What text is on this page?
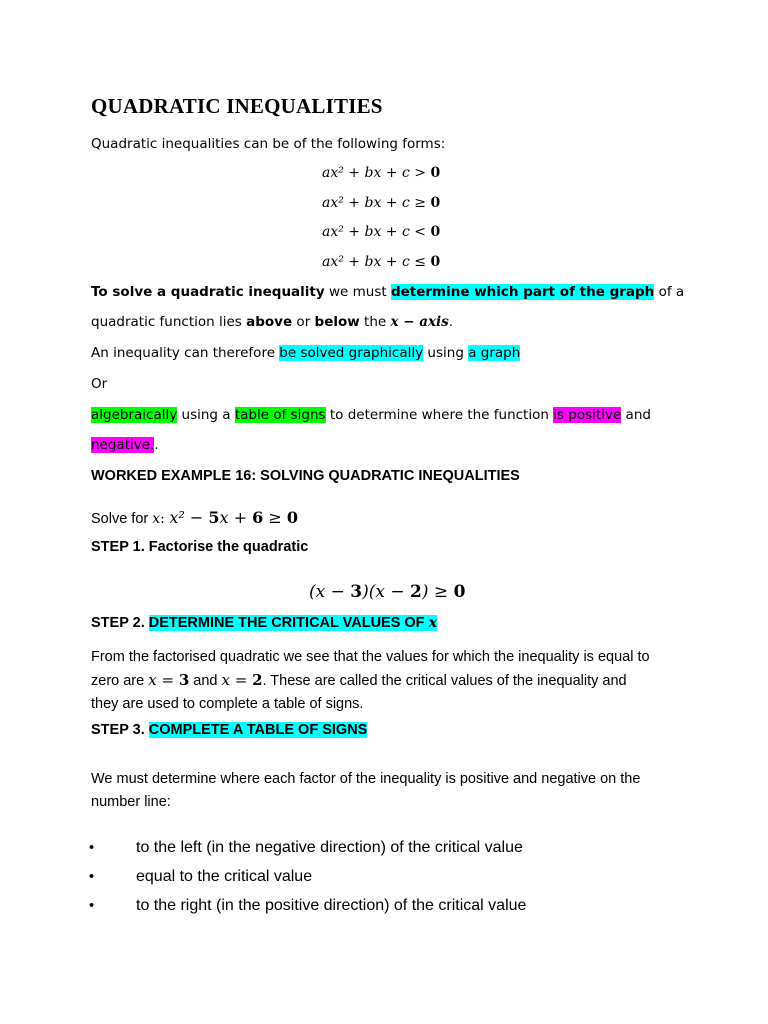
QUADRATIC INEQUALITIES
Quadratic inequalities can be of the following forms:
ax² + bx + c > 0
ax² + bx + c ≥ 0
ax² + bx + c < 0
ax² + bx + c ≤ 0
To solve a quadratic inequality we must determine which part of the graph of a
quadratic function lies above or below the x − axis.
An inequality can therefore be solved graphically using a graph
Or
algebraically using a table of signs to determine where the function is positive and
negative..
WORKED EXAMPLE 16: SOLVING QUADRATIC INEQUALITIES
Solve for x: x² − 5x + 6 ≥ 0
STEP 1. Factorise the quadratic
(x − 3)(x − 2) ≥ 0
STEP 2. DETERMINE THE CRITICAL VALUES OF x
From the factorised quadratic we see that the values for which the inequality is equal to
zero are x = 3 and x = 2. These are called the critical values of the inequality and
they are used to complete a table of signs.
STEP 3. COMPLETE A TABLE OF SIGNS
We must determine where each factor of the inequality is positive and negative on the
number line:
•	to the left (in the negative direction) of the critical value
•	equal to the critical value
•	to the right (in the positive direction) of the critical value
